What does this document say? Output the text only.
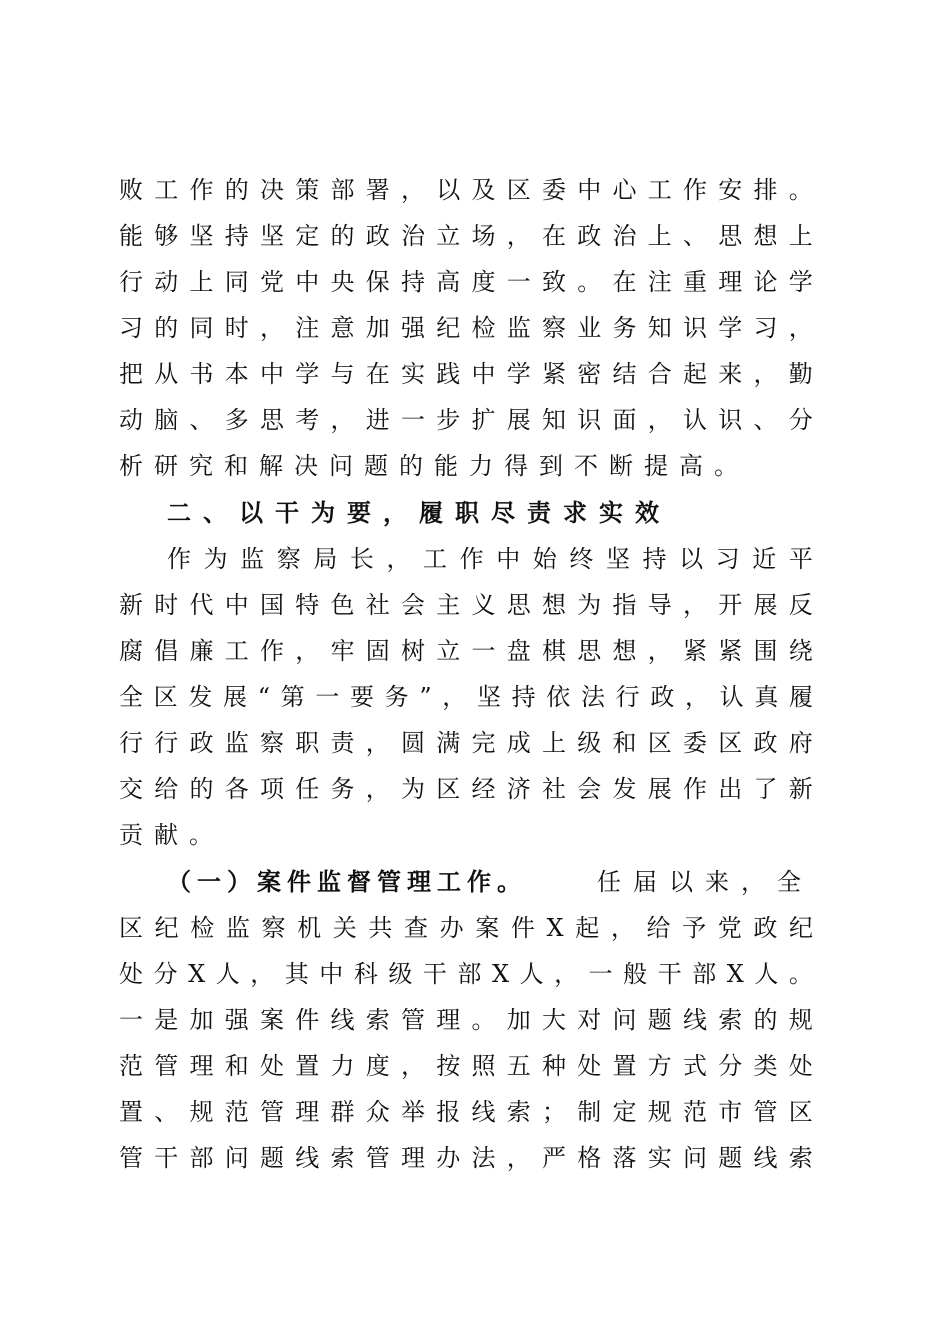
败 工 作 的 决 策 部 署 ， 以 及 区 委 中 心 工 作 安 排 。
能 够 坚 持 坚 定 的 政 治 立 场 ， 在 政 治 上 、 思 想 上
行 动 上 同 党 中 央 保 持 高 度 一 致 。 在 注 重 理 论 学
习 的 同 时 ， 注 意 加 强 纪 检 监 察 业 务 知 识 学 习 ，
把 从 书 本 中 学 与 在 实 践 中 学 紧 密 结 合 起 来 ， 勤
动 脑 、 多 思 考 ， 进 一 步 扩 展 知 识 面 ， 认 识 、 分
析研究和解决问题的能力得到不断提高。
二、以干为要，履职尽责求实效
作 为 监 察 局 长 ， 工 作 中 始 终 坚 持 以 习 近 平
新 时 代 中 国 特 色 社 会 主 义 思 想 为 指 导 ， 开 展 反
腐 倡 廉 工 作 ， 牢 固 树 立 一 盘 棋 思 想 ， 紧 紧 围 绕
全 区 发 展 “ 第 一 要 务 ” ， 坚 持 依 法 行 政 ， 认 真 履
行 行 政 监 察 职 责 ， 圆 满 完 成 上 级 和 区 委 区 政 府
交 给 的 各 项 任 务 ， 为 区 经 济 社 会 发 展 作 出 了 新
贡献。
（一）案件监督管理工作。	任届以来，全
区 纪 检 监 察 机 关 共 查 办 案 件 X 起 ， 给 予 党 政 纪
处 分 X 人 ， 其 中 科 级 干 部 X 人 ， 一 般 干 部 X 人 。
一 是 加 强 案 件 线 索 管 理 。 加 大 对 问 题 线 索 的 规
范 管 理 和 处 置 力 度 ， 按 照 五 种 处 置 方 式 分 类 处
置 、 规 范 管 理 群 众 举 报 线 索 ； 制 定 规 范 市 管 区
管 干 部 问 题 线 索 管 理 办 法 ， 严 格 落 实 问 题 线 索
